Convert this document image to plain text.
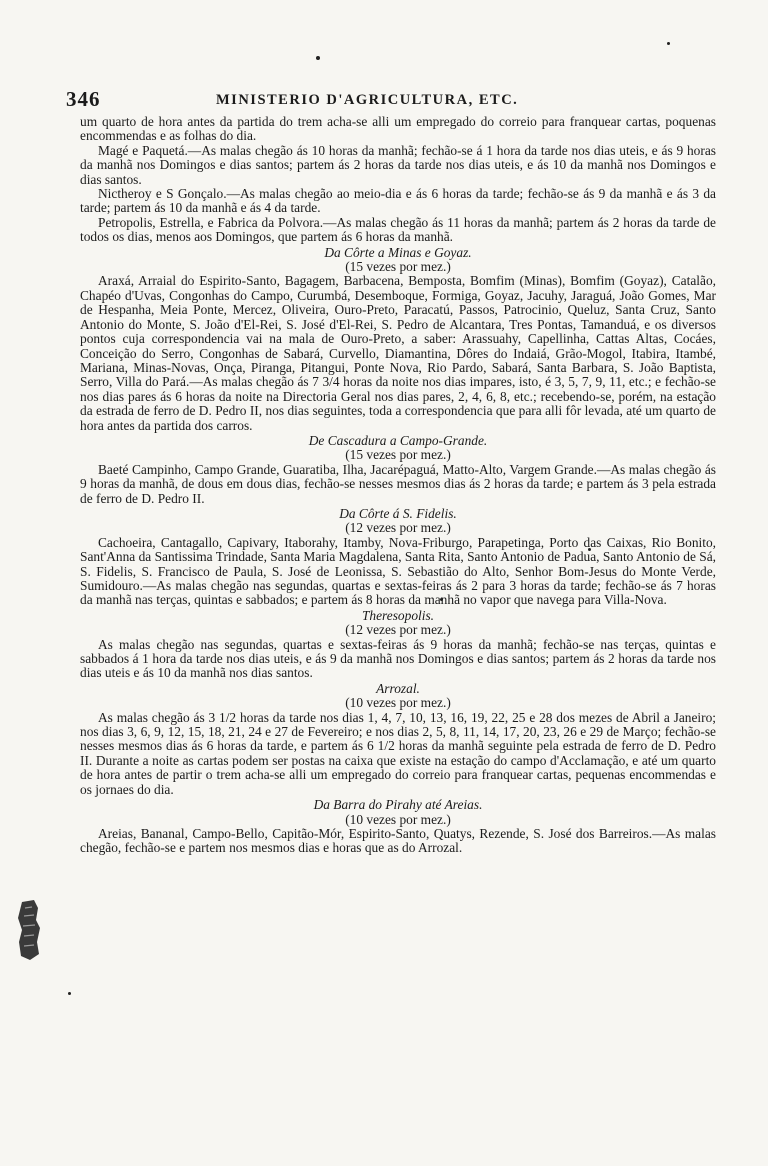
346	MINISTERIO D'AGRICULTURA, ETC.

um quarto de hora antes da partida do trem acha-se alli um empregado do correio para franquear cartas, poquenas encommendas e as folhas do dia.

Magé e Paquetá.—As malas chegão ás 10 horas da manhã; fechão-se á 1 hora da tarde nos dias uteis, e ás 9 horas da manhã nos Domingos e dias santos; partem ás 2 horas da tarde nos dias uteis, e ás 10 da manhã nos Domingos e dias santos.

Nictheroy e S Gonçalo.—As malas chegão ao meio-dia e ás 6 horas da tarde; fechão-se ás 9 da manhã e ás 3 da tarde; partem ás 10 da manhã e ás 4 da tarde.

Petropolis, Estrella, e Fabrica da Polvora.—As malas chegão ás 11 horas da manhã; partem ás 2 horas da tarde de todos os dias, menos aos Domingos, que partem ás 6 horas da manhã.

Da Côrte a Minas e Goyaz.
(15 vezes por mez.)

Araxá, Arraial do Espirito-Santo, Bagagem, Barbacena, Bemposta, Bomfim (Minas), Bomfim (Goyaz), Catalão, Chapéo d'Uvas, Congonhas do Campo, Curumbá, Desemboque, Formiga, Goyaz, Jacuhy, Jaraguá, João Gomes, Mar de Hespanha, Meia Ponte, Mercez, Oliveira, Ouro-Preto, Paracatú, Passos, Patrocinio, Queluz, Santa Cruz, Santo Antonio do Monte, S. João d'El-Rei, S. José d'El-Rei, S. Pedro de Alcantara, Tres Pontas, Tamanduá, e os diversos pontos cuja correspondencia vai na mala de Ouro-Preto, a saber: Arassuahy, Capellinha, Cattas Altas, Cocáes, Conceição do Serro, Congonhas de Sabará, Curvello, Diamantina, Dôres do Indaiá, Grão-Mogol, Itabira, Itambé, Mariana, Minas-Novas, Onça, Piranga, Pitangui, Ponte Nova, Rio Pardo, Sabará, Santa Barbara, S. João Baptista, Serro, Villa do Pará.—As malas chegão ás 7 3/4 horas da noite nos dias impares, isto, é 3, 5, 7, 9, 11, etc.; e fechão-se nos dias pares ás 6 horas da noite na Directoria Geral nos dias pares, 2, 4, 6, 8, etc.; recebendo-se, porém, na estação da estrada de ferro de D. Pedro II, nos dias seguintes, toda a correspondencia que para alli fôr levada, até um quarto de hora antes da partida dos carros.

De Cascadura a Campo-Grande.
(15 vezes por mez.)

Baeté Campinho, Campo Grande, Guaratiba, Ilha, Jacarépaguá, Matto-Alto, Vargem Grande.—As malas chegão ás 9 horas da manhã, de dous em dous dias, fechão-se nesses mesmos dias ás 2 horas da tarde; e partem ás 3 pela estrada de ferro de D. Pedro II.

Da Côrte á S. Fidelis.
(12 vezes por mez.)

Cachoeira, Cantagallo, Capivary, Itaborahy, Itamby, Nova-Friburgo, Parapetinga, Porto das Caixas, Rio Bonito, Sant'Anna da Santissima Trindade, Santa Maria Magdalena, Santa Rita, Santo Antonio de Padua, Santo Antonio de Sá, S. Fidelis, S. Francisco de Paula, S. José de Leonissa, S. Sebastião do Alto, Senhor Bom-Jesus do Monte Verde, Sumidouro.—As malas chegão nas segundas, quartas e sextas-feiras ás 2 para 3 horas da tarde; fechão-se ás 7 horas da manhã nas terças, quintas e sabbados; e partem ás 8 horas da manhã no vapor que navega para Villa-Nova.

Theresopolis.
(12 vezes por mez.)

As malas chegão nas segundas, quartas e sextas-feiras ás 9 horas da manhã; fechão-se nas terças, quintas e sabbados á 1 hora da tarde nos dias uteis, e ás 9 da manhã nos Domingos e dias santos; partem ás 2 horas da tarde nos dias uteis e ás 10 da manhã nos dias santos.

Arrozal.
(10 vezes por mez.)

As malas chegão ás 3 1/2 horas da tarde nos dias 1, 4, 7, 10, 13, 16, 19, 22, 25 e 28 dos mezes de Abril a Janeiro; nos dias 3, 6, 9, 12, 15, 18, 21, 24 e 27 de Fevereiro; e nos dias 2, 5, 8, 11, 14, 17, 20, 23, 26 e 29 de Março; fechão-se nesses mesmos dias ás 6 horas da tarde, e partem ás 6 1/2 horas da manhã seguinte pela estrada de ferro de D. Pedro II. Durante a noite as cartas podem ser postas na caixa que existe na estação do campo d'Acclamação, e até um quarto de hora antes de partir o trem acha-se alli um empregado do correio para franquear cartas, pequenas encommendas e os jornaes do dia.

Da Barra do Pirahy até Areias.
(10 vezes por mez.)

Areias, Bananal, Campo-Bello, Capitão-Mór, Espirito-Santo, Quatys, Rezende, S. José dos Barreiros.—As malas chegão, fechão-se e partem nos mesmos dias e horas que as do Arrozal.
